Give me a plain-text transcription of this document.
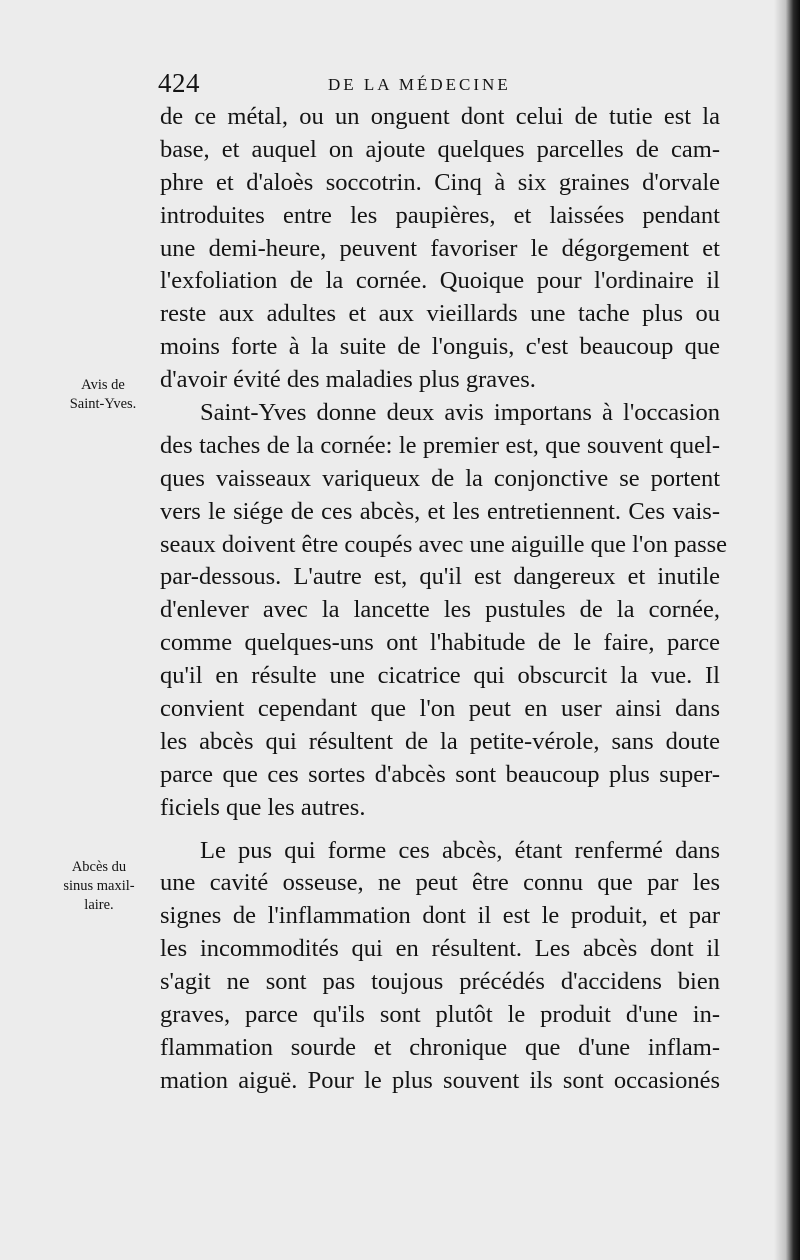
424	DE LA MÉDECINE
Avis de
Saint-Yves.
Abcès du
sinus maxil-
laire.
de ce métal, ou un onguent dont celui de tutie est la
base, et auquel on ajoute quelques parcelles de cam-
phre et d'aloès soccotrin. Cinq à six graines d'orvale
introduites entre les paupières, et laissées pendant
une demi-heure, peuvent favoriser le dégorgement et
l'exfoliation de la cornée. Quoique pour l'ordinaire il
reste aux adultes et aux vieillards une tache plus ou
moins forte à la suite de l'onguis, c'est beaucoup que
d'avoir évité des maladies plus graves.
Saint-Yves donne deux avis importans à l'occasion
des taches de la cornée: le premier est, que souvent quel-
ques vaisseaux variqueux de la conjonctive se portent
vers le siége de ces abcès, et les entretiennent. Ces vais-
seaux doivent être coupés avec une aiguille que l'on passe
par-dessous. L'autre est, qu'il est dangereux et inutile
d'enlever avec la lancette les pustules de la cornée,
comme quelques-uns ont l'habitude de le faire, parce
qu'il en résulte une cicatrice qui obscurcit la vue. Il
convient cependant que l'on peut en user ainsi dans
les abcès qui résultent de la petite-vérole, sans doute
parce que ces sortes d'abcès sont beaucoup plus super-
ficiels que les autres.
Le pus qui forme ces abcès, étant renfermé dans
une cavité osseuse, ne peut être connu que par les
signes de l'inflammation dont il est le produit, et par
les incommodités qui en résultent. Les abcès dont il
s'agit ne sont pas toujous précédés d'accidens bien
graves, parce qu'ils sont plutôt le produit d'une in-
flammation sourde et chronique que d'une inflam-
mation aiguë. Pour le plus souvent ils sont occasionés
